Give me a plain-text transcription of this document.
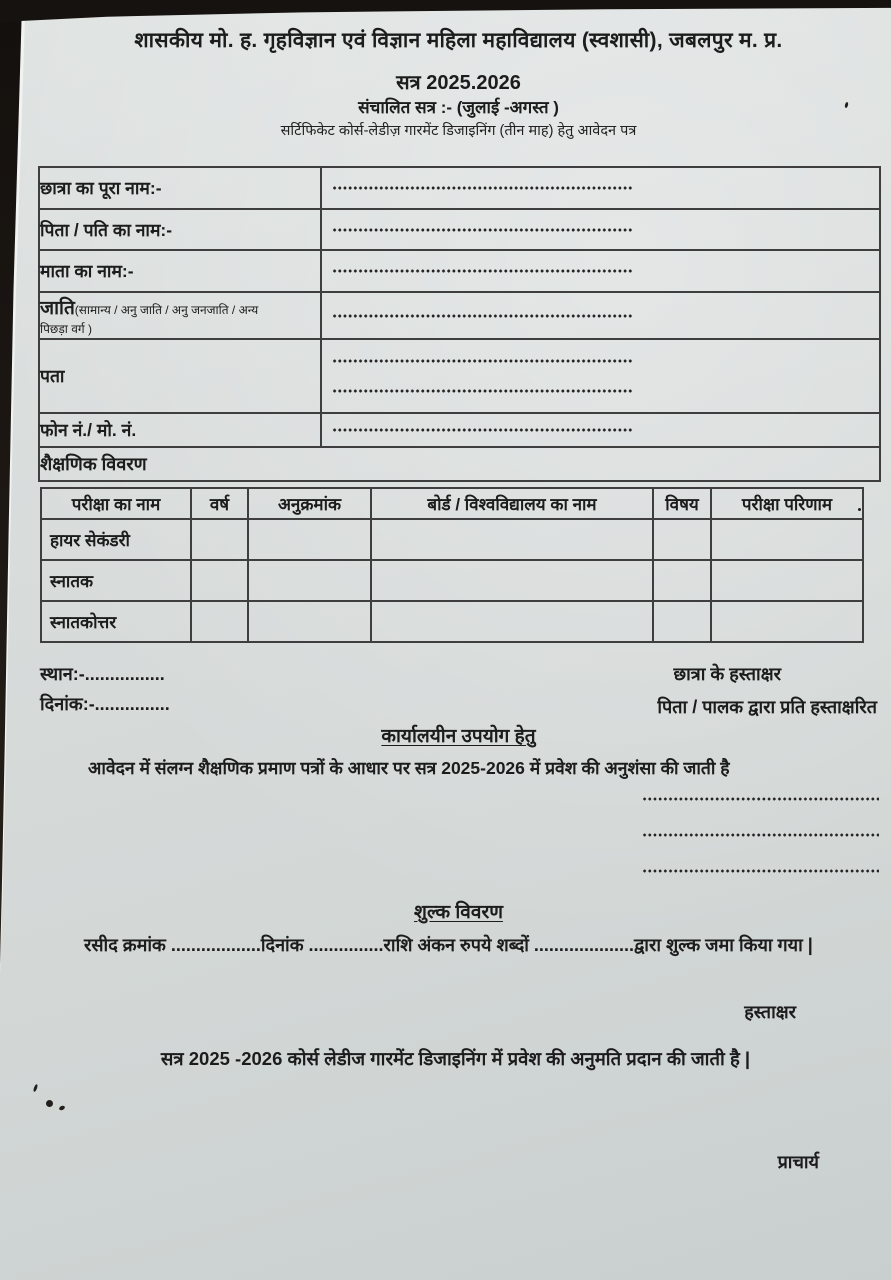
शासकीय मो. ह. गृहविज्ञान एवं विज्ञान महिला महाविद्यालय (स्वशासी), जबलपुर म. प्र.
सत्र 2025.2026
संचालित सत्र :- (जुलाई -अगस्त )
सर्टिफिकेट कोर्स-लेडीज़ गारमेंट डिजाइनिंग (तीन माह) हेतु आवेदन पत्र
छात्रा का पूरा नाम:-	

पिता / पति का नाम:-	

माता का नाम:-	

जाति(सामान्य / अनु जाति / अनु जनजाति / अन्य
पिछड़ा वर्ग )	

पता	

फोन नं./ मो. नं.	

शैक्षणिक विवरण	
परीक्षा का नाम	वर्ष	अनुक्रमांक	बोर्ड / विश्वविद्यालय का नाम	विषय	परीक्षा परिणाम
हायर सेकंडरी					
स्नातक					
स्नातकोत्तर					
स्थान:-................
दिनांक:-...............
छात्रा के हस्ताक्षर
पिता / पालक द्वारा प्रति हस्ताक्षरित
कार्यालयीन उपयोग हेतु
आवेदन में संलग्न शैक्षणिक प्रमाण पत्रों के आधार पर सत्र 2025-2026 में प्रवेश की अनुशंसा की जाती है
शुल्क विवरण
रसीद क्रमांक ..................दिनांक ...............राशि अंकन रुपये शब्दों ....................द्वारा शुल्क जमा किया गया |
हस्ताक्षर
सत्र 2025 -2026 कोर्स लेडीज गारमेंट डिजाइनिंग में प्रवेश की अनुमति प्रदान की जाती है |
प्राचार्य
